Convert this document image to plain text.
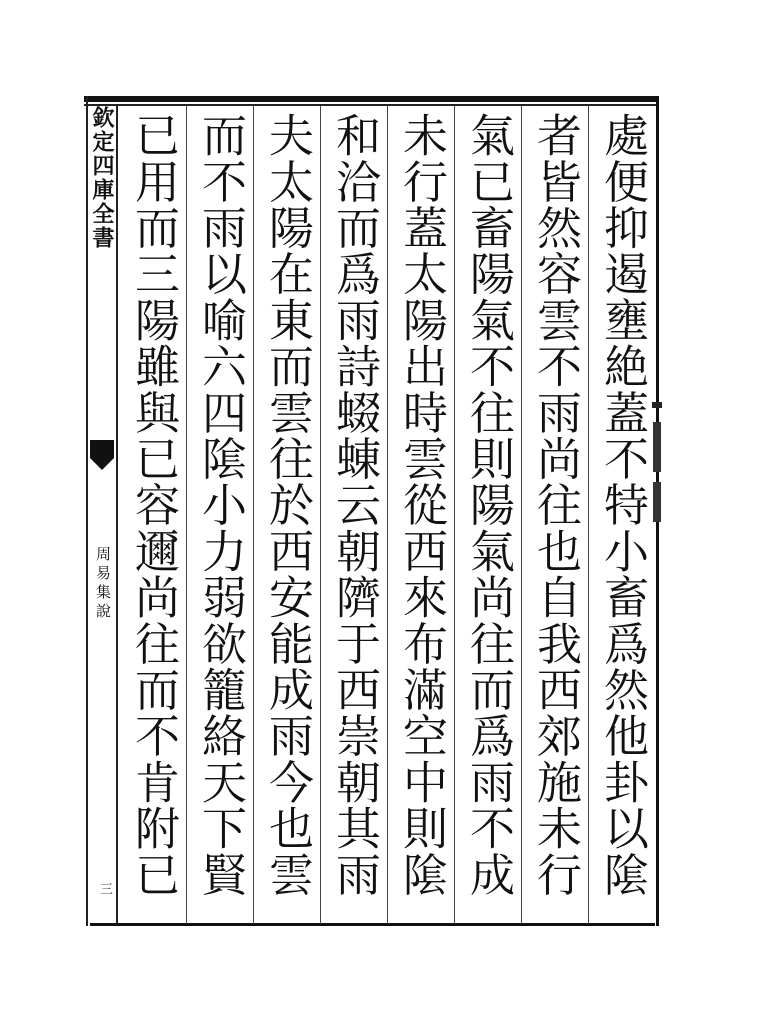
欽定四庫全書
周易集說
三
處便抑遏壅絶蓋不特小畜爲然他卦以隂
者皆然容雲不雨尚往也自我西郊施未行
氣已畜陽氣不往則陽氣尚往而爲雨不成
未行蓋太陽出時雲從西來布滿空中則隂
和洽而爲雨詩蝃蝀云朝隮于西崇朝其雨
夫太陽在東而雲往於西安能成雨今也雲
而不雨以喻六四隂小力弱欲籠絡天下賢
已用而三陽雖與已容邇尚往而不肯附已
